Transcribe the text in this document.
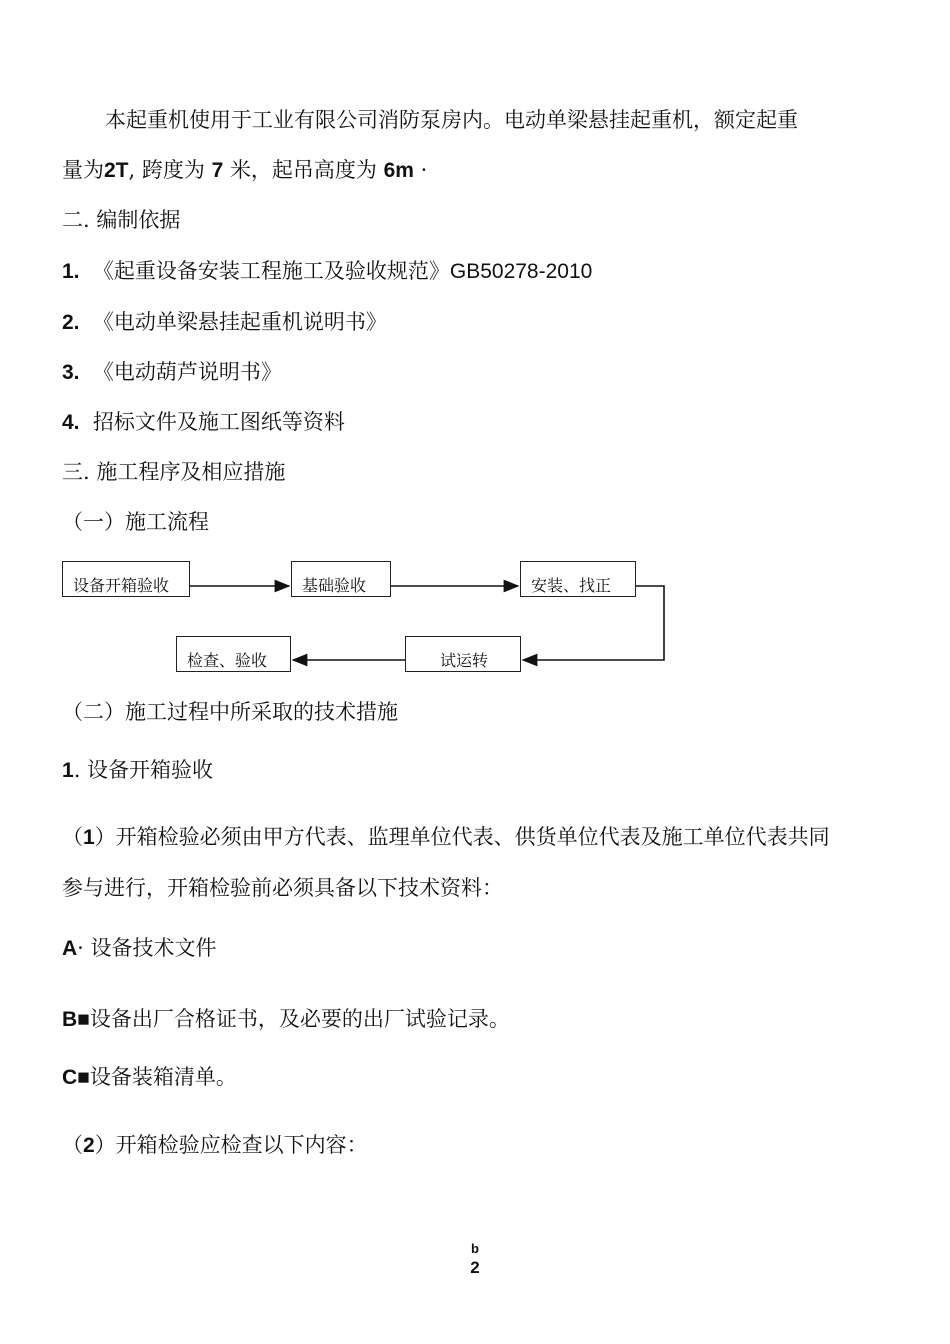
本起重机使用于工业有限公司消防泵房内。电动单梁悬挂起重机，额定起重
量为2T, 跨度为 7 米，起吊高度为 6m ·
二. 编制依据
1. 《起重设备安装工程施工及验收规范》GB50278-2010
2. 《电动单梁悬挂起重机说明书》
3. 《电动葫芦说明书》
4. 招标文件及施工图纸等资料
三. 施工程序及相应措施
（一）施工流程
设备开箱验收	基础验收	安装、找正
试运转
检查、验收
（二）施工过程中所采取的技术措施
1. 设备开箱验收
（1）开箱检验必须由甲方代表、监理单位代表、供货单位代表及施工单位代表共同
参与进行，开箱检验前必须具备以下技术资料：
A· 设备技术文件
B■设备出厂合格证书，及必要的出厂试验记录。
C■设备装箱清单。
（2）开箱检验应检查以下内容：
b
2
